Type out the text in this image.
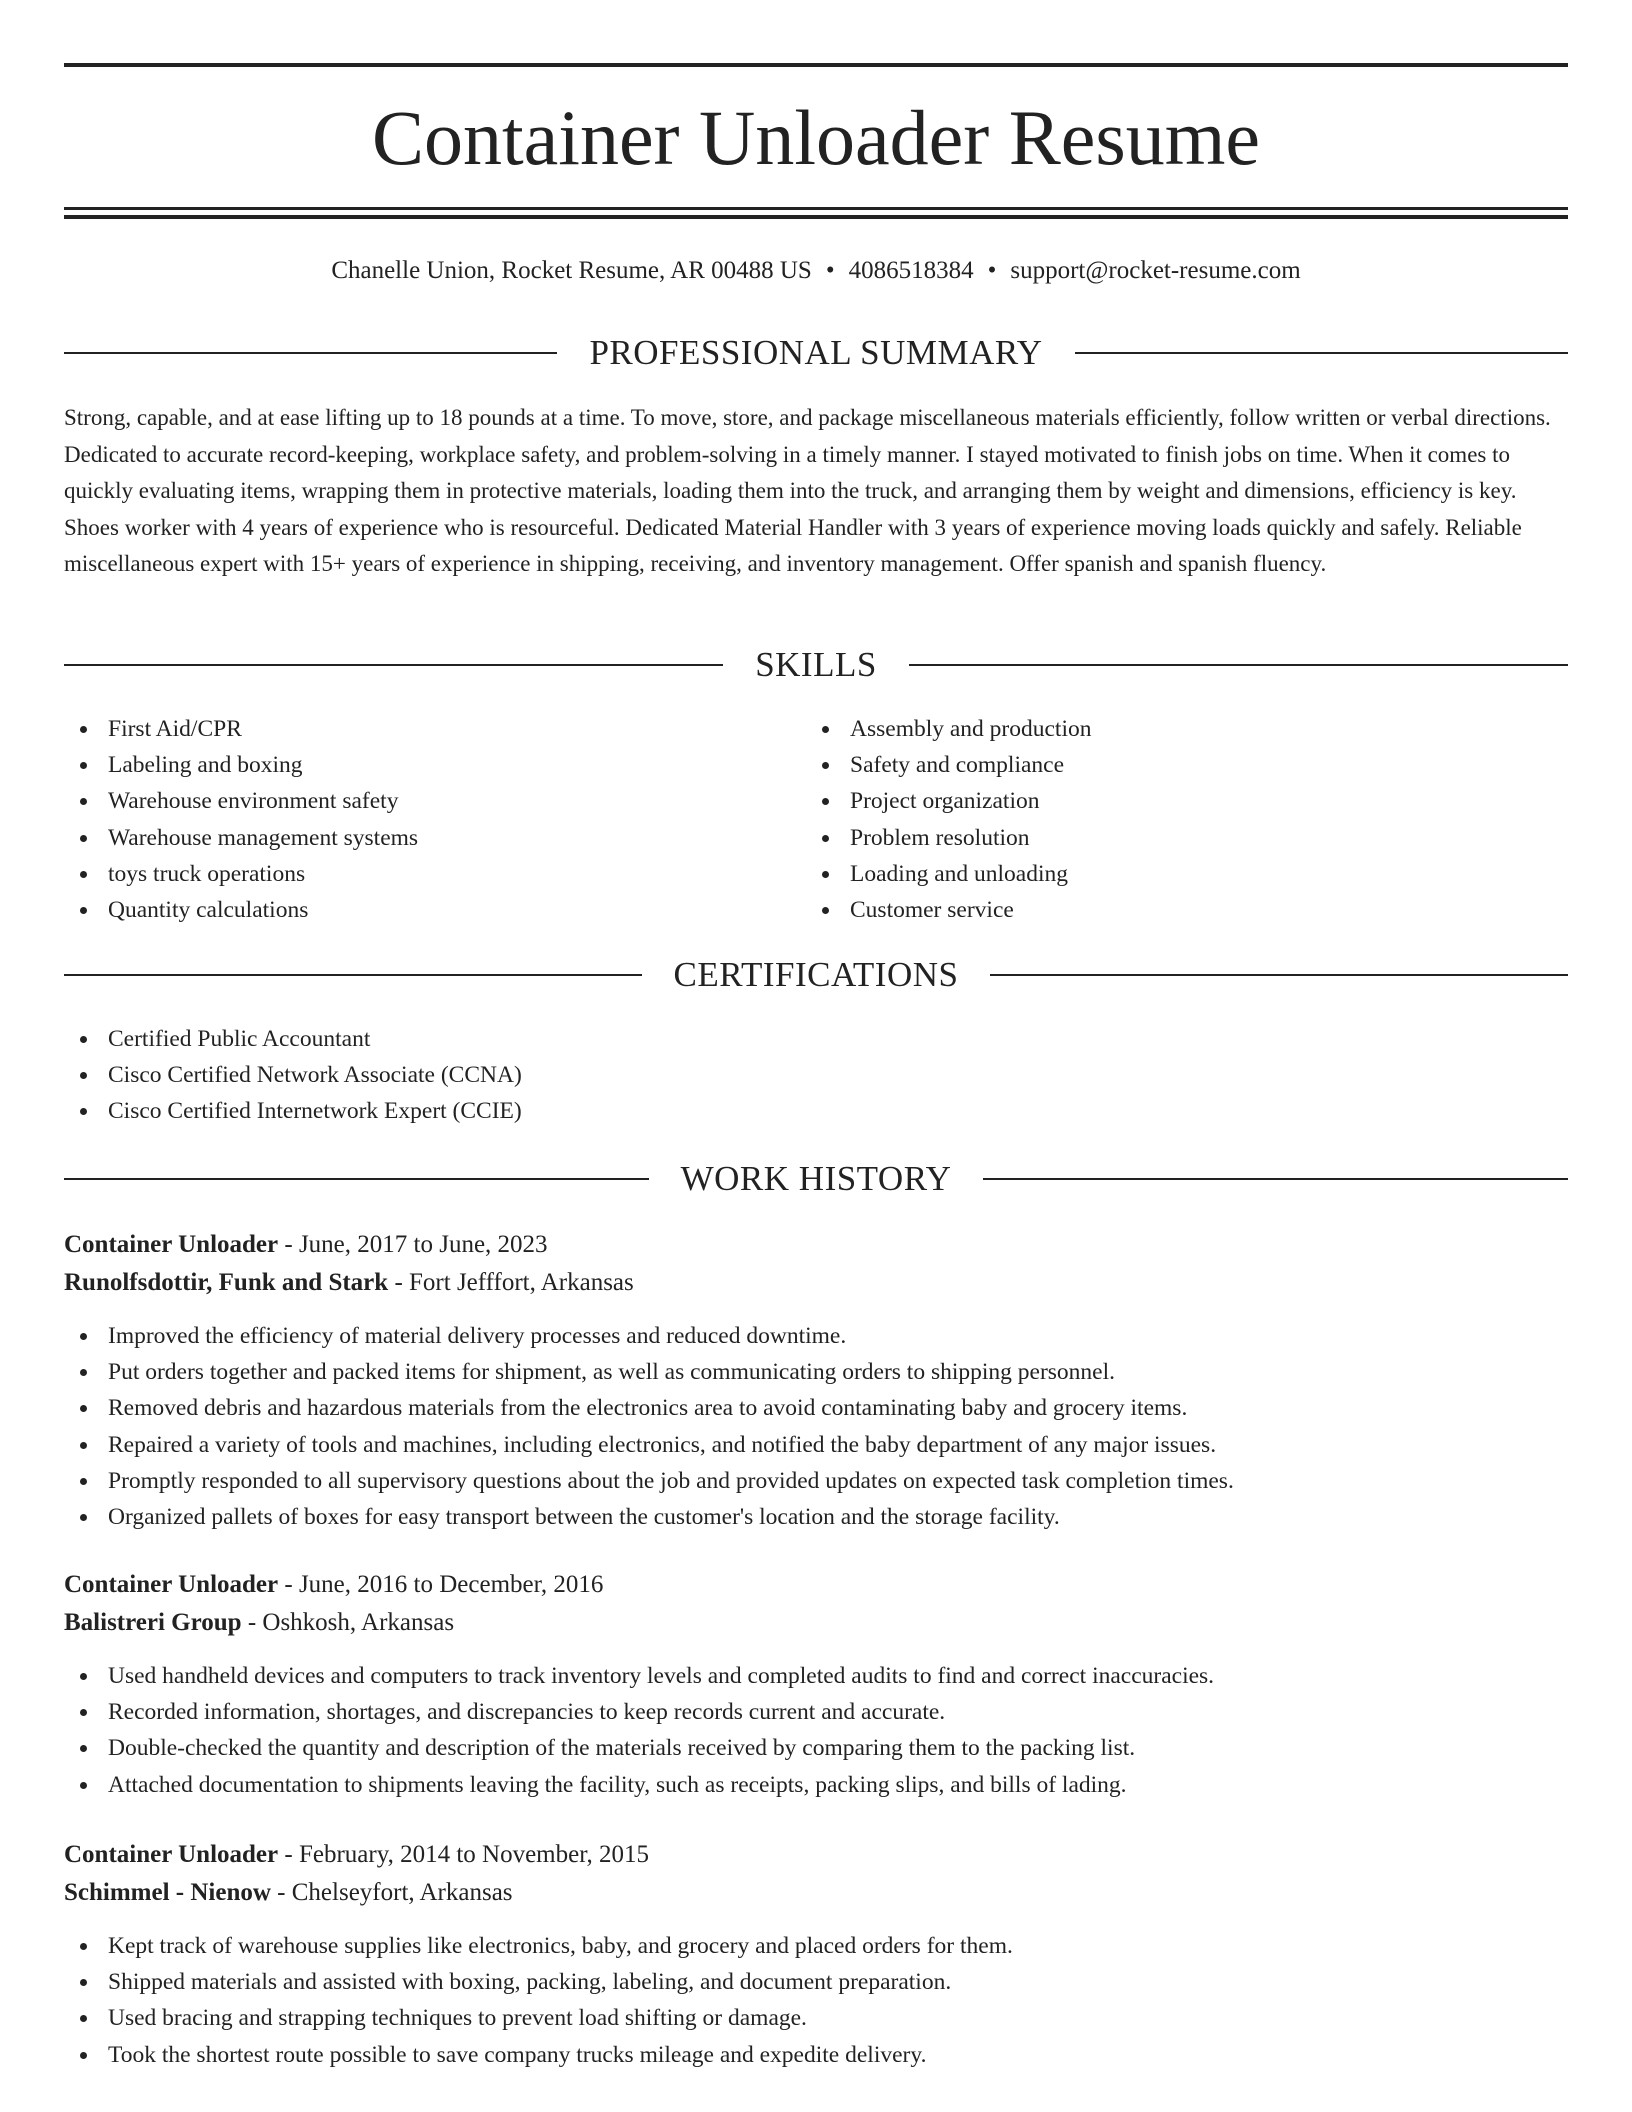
Container Unloader Resume
Chanelle Union, Rocket Resume, AR 00488 US • 4086518384 • support@rocket-resume.com
PROFESSIONAL SUMMARY

Strong, capable, and at ease lifting up to 18 pounds at a time. To move, store, and package miscellaneous materials efficiently, follow written or verbal directions. Dedicated to accurate record-keeping, workplace safety, and problem-solving in a timely manner. I stayed motivated to finish jobs on time. When it comes to quickly evaluating items, wrapping them in protective materials, loading them into the truck, and arranging them by weight and dimensions, efficiency is key. Shoes worker with 4 years of experience who is resourceful. Dedicated Material Handler with 3 years of experience moving loads quickly and safely. Reliable miscellaneous expert with 15+ years of experience in shipping, receiving, and inventory management. Offer spanish and spanish fluency.

SKILLS
First Aid/CPR
Labeling and boxing
Warehouse environment safety
Warehouse management systems
toys truck operations
Quantity calculations
Assembly and production
Safety and compliance
Project organization
Problem resolution
Loading and unloading
Customer service
CERTIFICATIONS
Certified Public Accountant
Cisco Certified Network Associate (CCNA)
Cisco Certified Internetwork Expert (CCIE)
WORK HISTORY
Container Unloader - June, 2017 to June, 2023
Runolfsdottir, Funk and Stark - Fort Jefffort, Arkansas
Improved the efficiency of material delivery processes and reduced downtime.
Put orders together and packed items for shipment, as well as communicating orders to shipping personnel.
Removed debris and hazardous materials from the electronics area to avoid contaminating baby and grocery items.
Repaired a variety of tools and machines, including electronics, and notified the baby department of any major issues.
Promptly responded to all supervisory questions about the job and provided updates on expected task completion times.
Organized pallets of boxes for easy transport between the customer's location and the storage facility.
Container Unloader - June, 2016 to December, 2016
Balistreri Group - Oshkosh, Arkansas
Used handheld devices and computers to track inventory levels and completed audits to find and correct inaccuracies.
Recorded information, shortages, and discrepancies to keep records current and accurate.
Double-checked the quantity and description of the materials received by comparing them to the packing list.
Attached documentation to shipments leaving the facility, such as receipts, packing slips, and bills of lading.
Container Unloader - February, 2014 to November, 2015
Schimmel - Nienow - Chelseyfort, Arkansas
Kept track of warehouse supplies like electronics, baby, and grocery and placed orders for them.
Shipped materials and assisted with boxing, packing, labeling, and document preparation.
Used bracing and strapping techniques to prevent load shifting or damage.
Took the shortest route possible to save company trucks mileage and expedite delivery.
